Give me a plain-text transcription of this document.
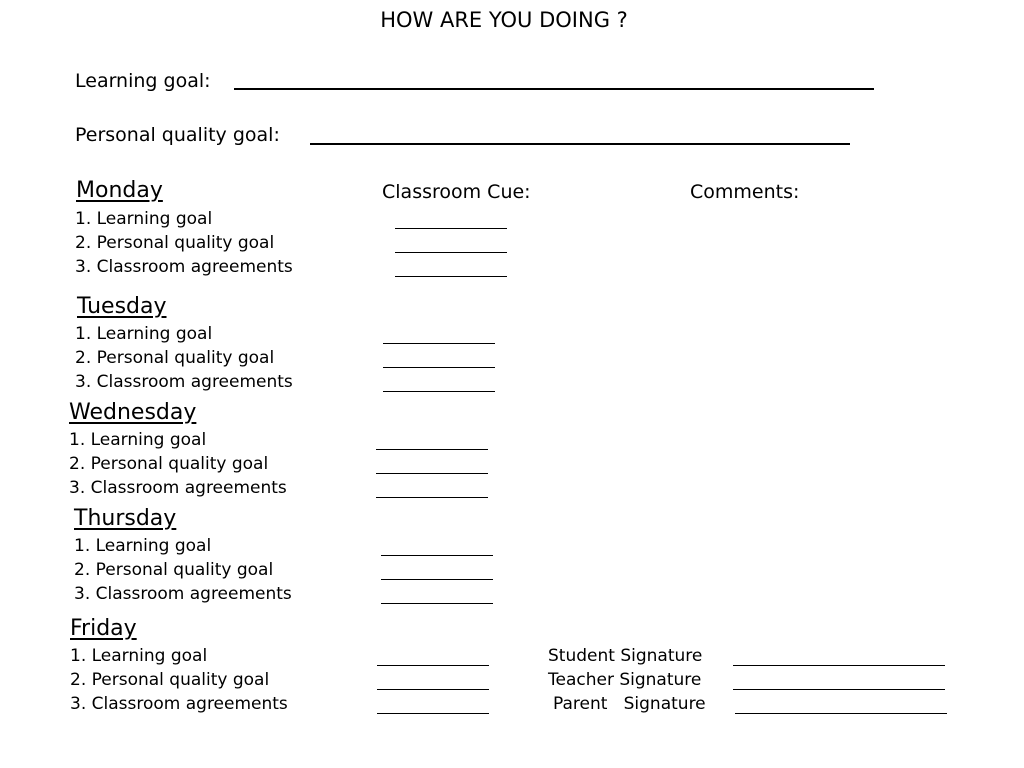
HOW ARE YOU DOING ?
Learning goal:
Personal quality goal:
Classroom Cue:	Comments:
Monday
1. Learning goal
2. Personal quality goal
3. Classroom agreements
Tuesday
1. Learning goal
2. Personal quality goal
3. Classroom agreements
Wednesday
1. Learning goal
2. Personal quality goal
3. Classroom agreements
Thursday
1. Learning goal
2. Personal quality goal
3. Classroom agreements
Friday
1. Learning goal
2. Personal quality goal
3. Classroom agreements
Student Signature
Teacher Signature
Parent   Signature
